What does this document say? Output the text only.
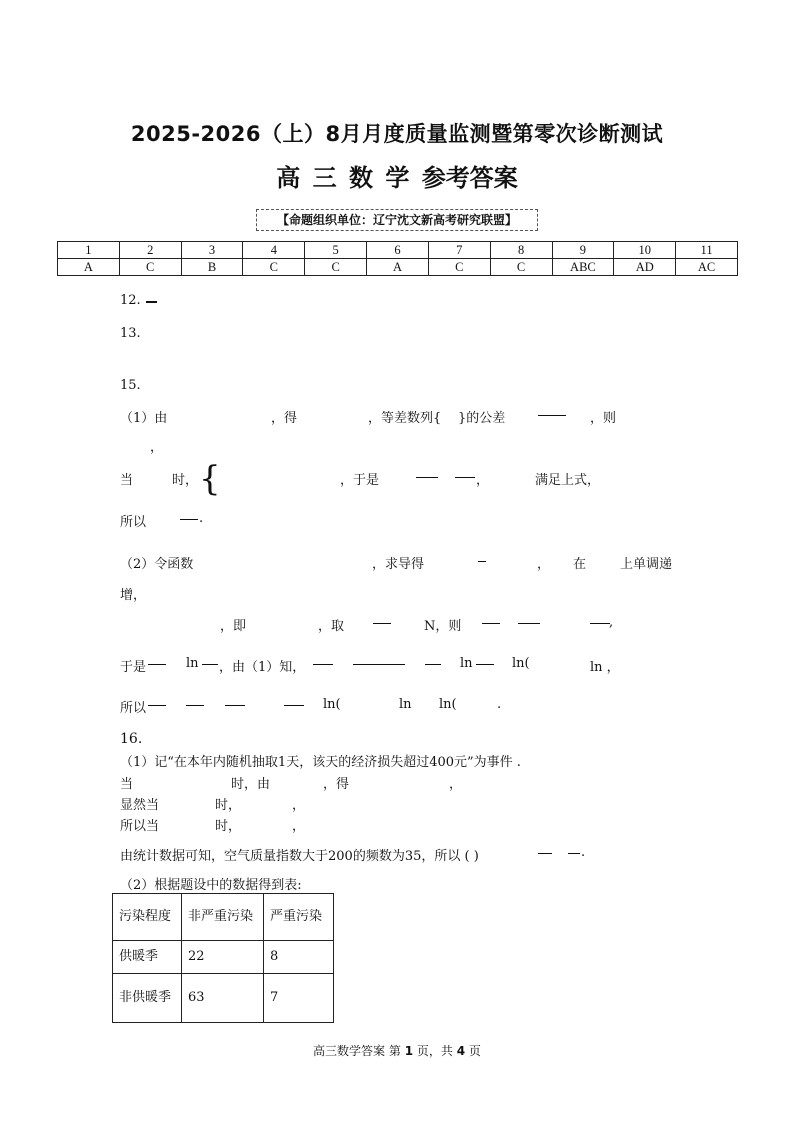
2025-2026（上）8月月度质量监测暨第零次诊断测试
高 三 数 学 参考答案
【命题组织单位：辽宁沈文新高考研究联盟】
1	2	3	4	5	6	7	8	9	10	11
A	C	B	C	C	A	C	C	ABC	AD	AC
12.
13.
15.
（1）由	，得	，等差数列{ }的公差	，则
，
当	时， {	，于是	，	满足上式，
所以	.
（2）令函数	，求导得	， 在	上单调递
增，
，即	，取	N，则	,
于是	ln ，由（1）知，	ln	ln(	ln ，
所以	ln(	ln ln(	.
16.
（1）记“在本年内随机抽取1天，该天的经济损失超过400元”为事件 .
当	时，由	，得	，
显然当	时，	，
所以当	时，	，
由统计数据可知，空气质量指数大于200的频数为35，所以 ( )	.
（2）根据题设中的数据得到表:
污染程度	非严重污染	严重污染
供暖季	22	8
非供暖季	63	7
高三数学答案 第 1 页，共 4 页
